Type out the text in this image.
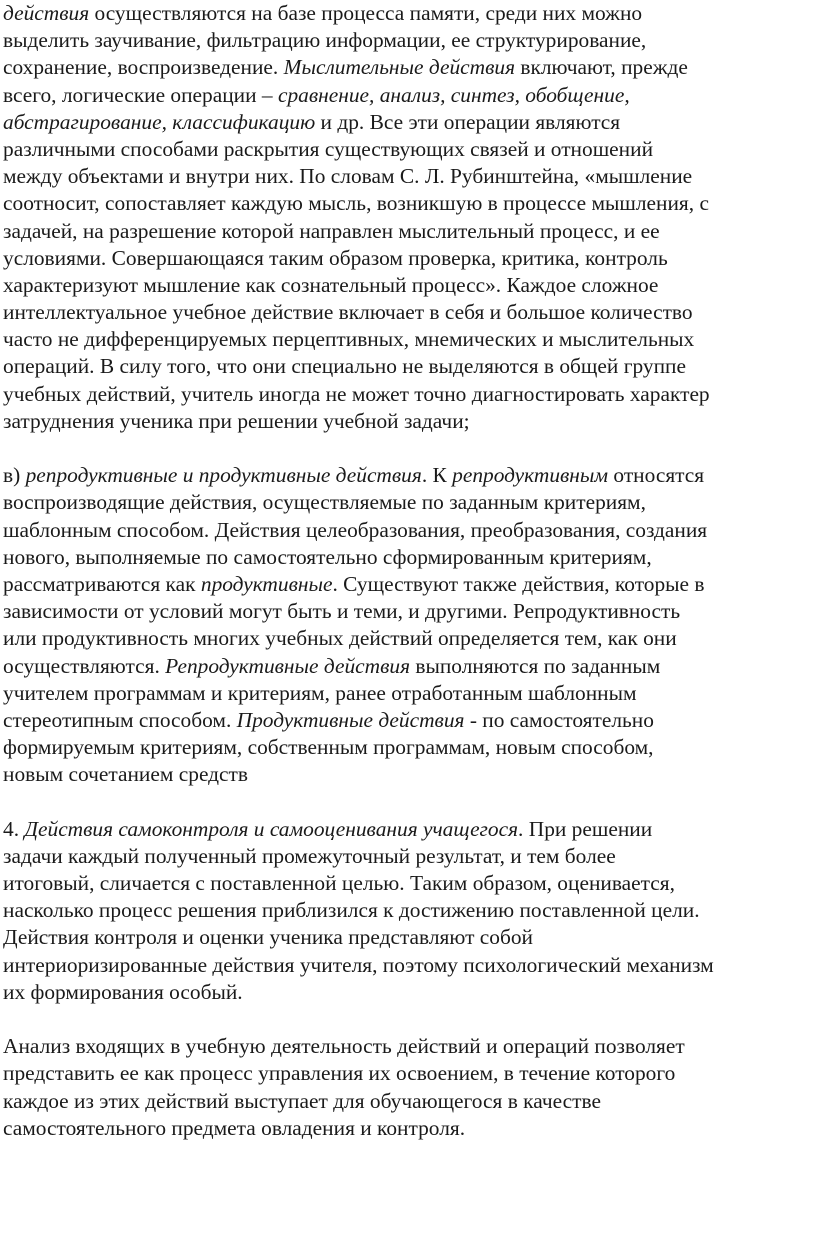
действия осуществляются на базе процесса памяти, среди них можно
выделить заучивание, фильтрацию информации, ее структурирование,
сохранение, воспроизведение. Мыслительные действия включают, прежде
всего, логические операции – сравнение, анализ, синтез, обобщение,
абстрагирование, классификацию и др. Все эти операции являются
различными способами раскрытия существующих связей и отношений
между объектами и внутри них. По словам С. Л. Рубинштейна, «мышление
соотносит, сопоставляет каждую мысль, возникшую в процессе мышления, с
задачей, на разрешение которой направлен мыслительный процесс, и ее
условиями. Совершающаяся таким образом проверка, критика, контроль
характеризуют мышление как сознательный процесс». Каждое сложное
интеллектуальное учебное действие включает в себя и большое количество
часто не дифференцируемых перцептивных, мнемических и мыслительных
операций. В силу того, что они специально не выделяются в общей группе
учебных действий, учитель иногда не может точно диагностировать характер
затруднения ученика при решении учебной задачи;
в) репродуктивные и продуктивные действия. К репродуктивным относятся
воспроизводящие действия, осуществляемые по заданным критериям,
шаблонным способом. Действия целеобразования, преобразования, создания
нового, выполняемые по самостоятельно сформированным критериям,
рассматриваются как продуктивные. Существуют также действия, которые в
зависимости от условий могут быть и теми, и другими. Репродуктивность
или продуктивность многих учебных действий определяется тем, как они
осуществляются. Репродуктивные действия выполняются по заданным
учителем программам и критериям, ранее отработанным шаблонным
стереотипным способом. Продуктивные действия - по самостоятельно
формируемым критериям, собственным программам, новым способом,
новым сочетанием средств
4. Действия самоконтроля и самооценивания учащегося. При решении
задачи каждый полученный промежуточный результат, и тем более
итоговый, сличается с поставленной целью. Таким образом, оценивается,
насколько процесс решения приблизился к достижению поставленной цели.
Действия контроля и оценки ученика представляют собой
интериоризированные действия учителя, поэтому психологический механизм
их формирования особый.
Анализ входящих в учебную деятельность действий и операций позволяет
представить ее как процесс управления их освоением, в течение которого
каждое из этих действий выступает для обучающегося в качестве
самостоятельного предмета овладения и контроля.
